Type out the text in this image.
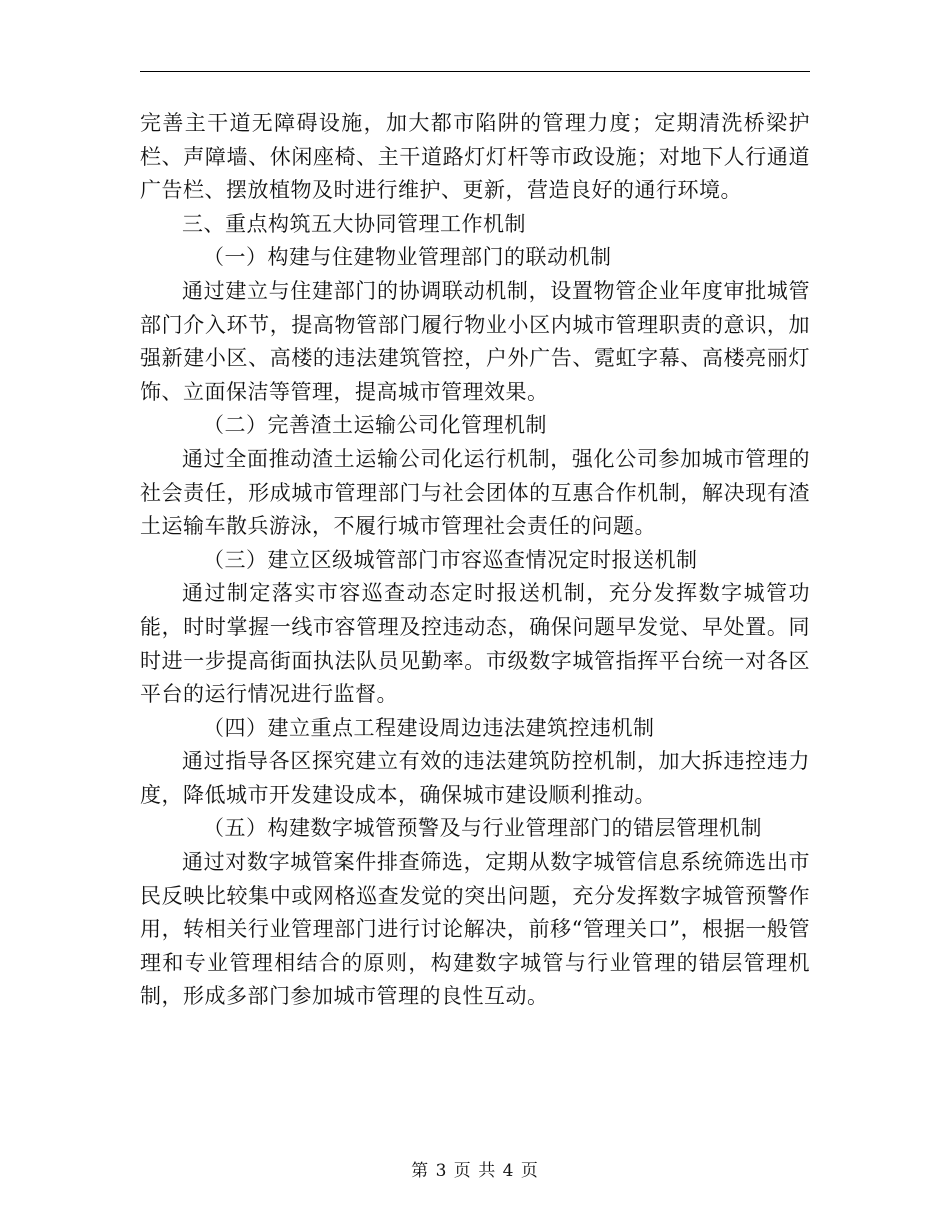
完善主干道无障碍设施，加大都市陷阱的管理力度；定期清洗桥梁护栏、声障墙、休闲座椅、主干道路灯灯杆等市政设施；对地下人行通道广告栏、摆放植物及时进行维护、更新，营造良好的通行环境。

三、重点构筑五大协同管理工作机制

（一）构建与住建物业管理部门的联动机制

通过建立与住建部门的协调联动机制，设置物管企业年度审批城管部门介入环节，提高物管部门履行物业小区内城市管理职责的意识，加强新建小区、高楼的违法建筑管控，户外广告、霓虹字幕、高楼亮丽灯饰、立面保洁等管理，提高城市管理效果。

（二）完善渣土运输公司化管理机制

通过全面推动渣土运输公司化运行机制，强化公司参加城市管理的社会责任，形成城市管理部门与社会团体的互惠合作机制，解决现有渣土运输车散兵游泳，不履行城市管理社会责任的问题。

（三）建立区级城管部门市容巡查情况定时报送机制

通过制定落实市容巡查动态定时报送机制，充分发挥数字城管功能，时时掌握一线市容管理及控违动态，确保问题早发觉、早处置。同时进一步提高街面执法队员见勤率。市级数字城管指挥平台统一对各区平台的运行情况进行监督。

（四）建立重点工程建设周边违法建筑控违机制

通过指导各区探究建立有效的违法建筑防控机制，加大拆违控违力度，降低城市开发建设成本，确保城市建设顺利推动。

（五）构建数字城管预警及与行业管理部门的错层管理机制

通过对数字城管案件排查筛选，定期从数字城管信息系统筛选出市民反映比较集中或网格巡查发觉的突出问题，充分发挥数字城管预警作用，转相关行业管理部门进行讨论解决，前移“管理关口”，根据一般管理和专业管理相结合的原则，构建数字城管与行业管理的错层管理机制，形成多部门参加城市管理的良性互动。

第 3 页 共 4 页
